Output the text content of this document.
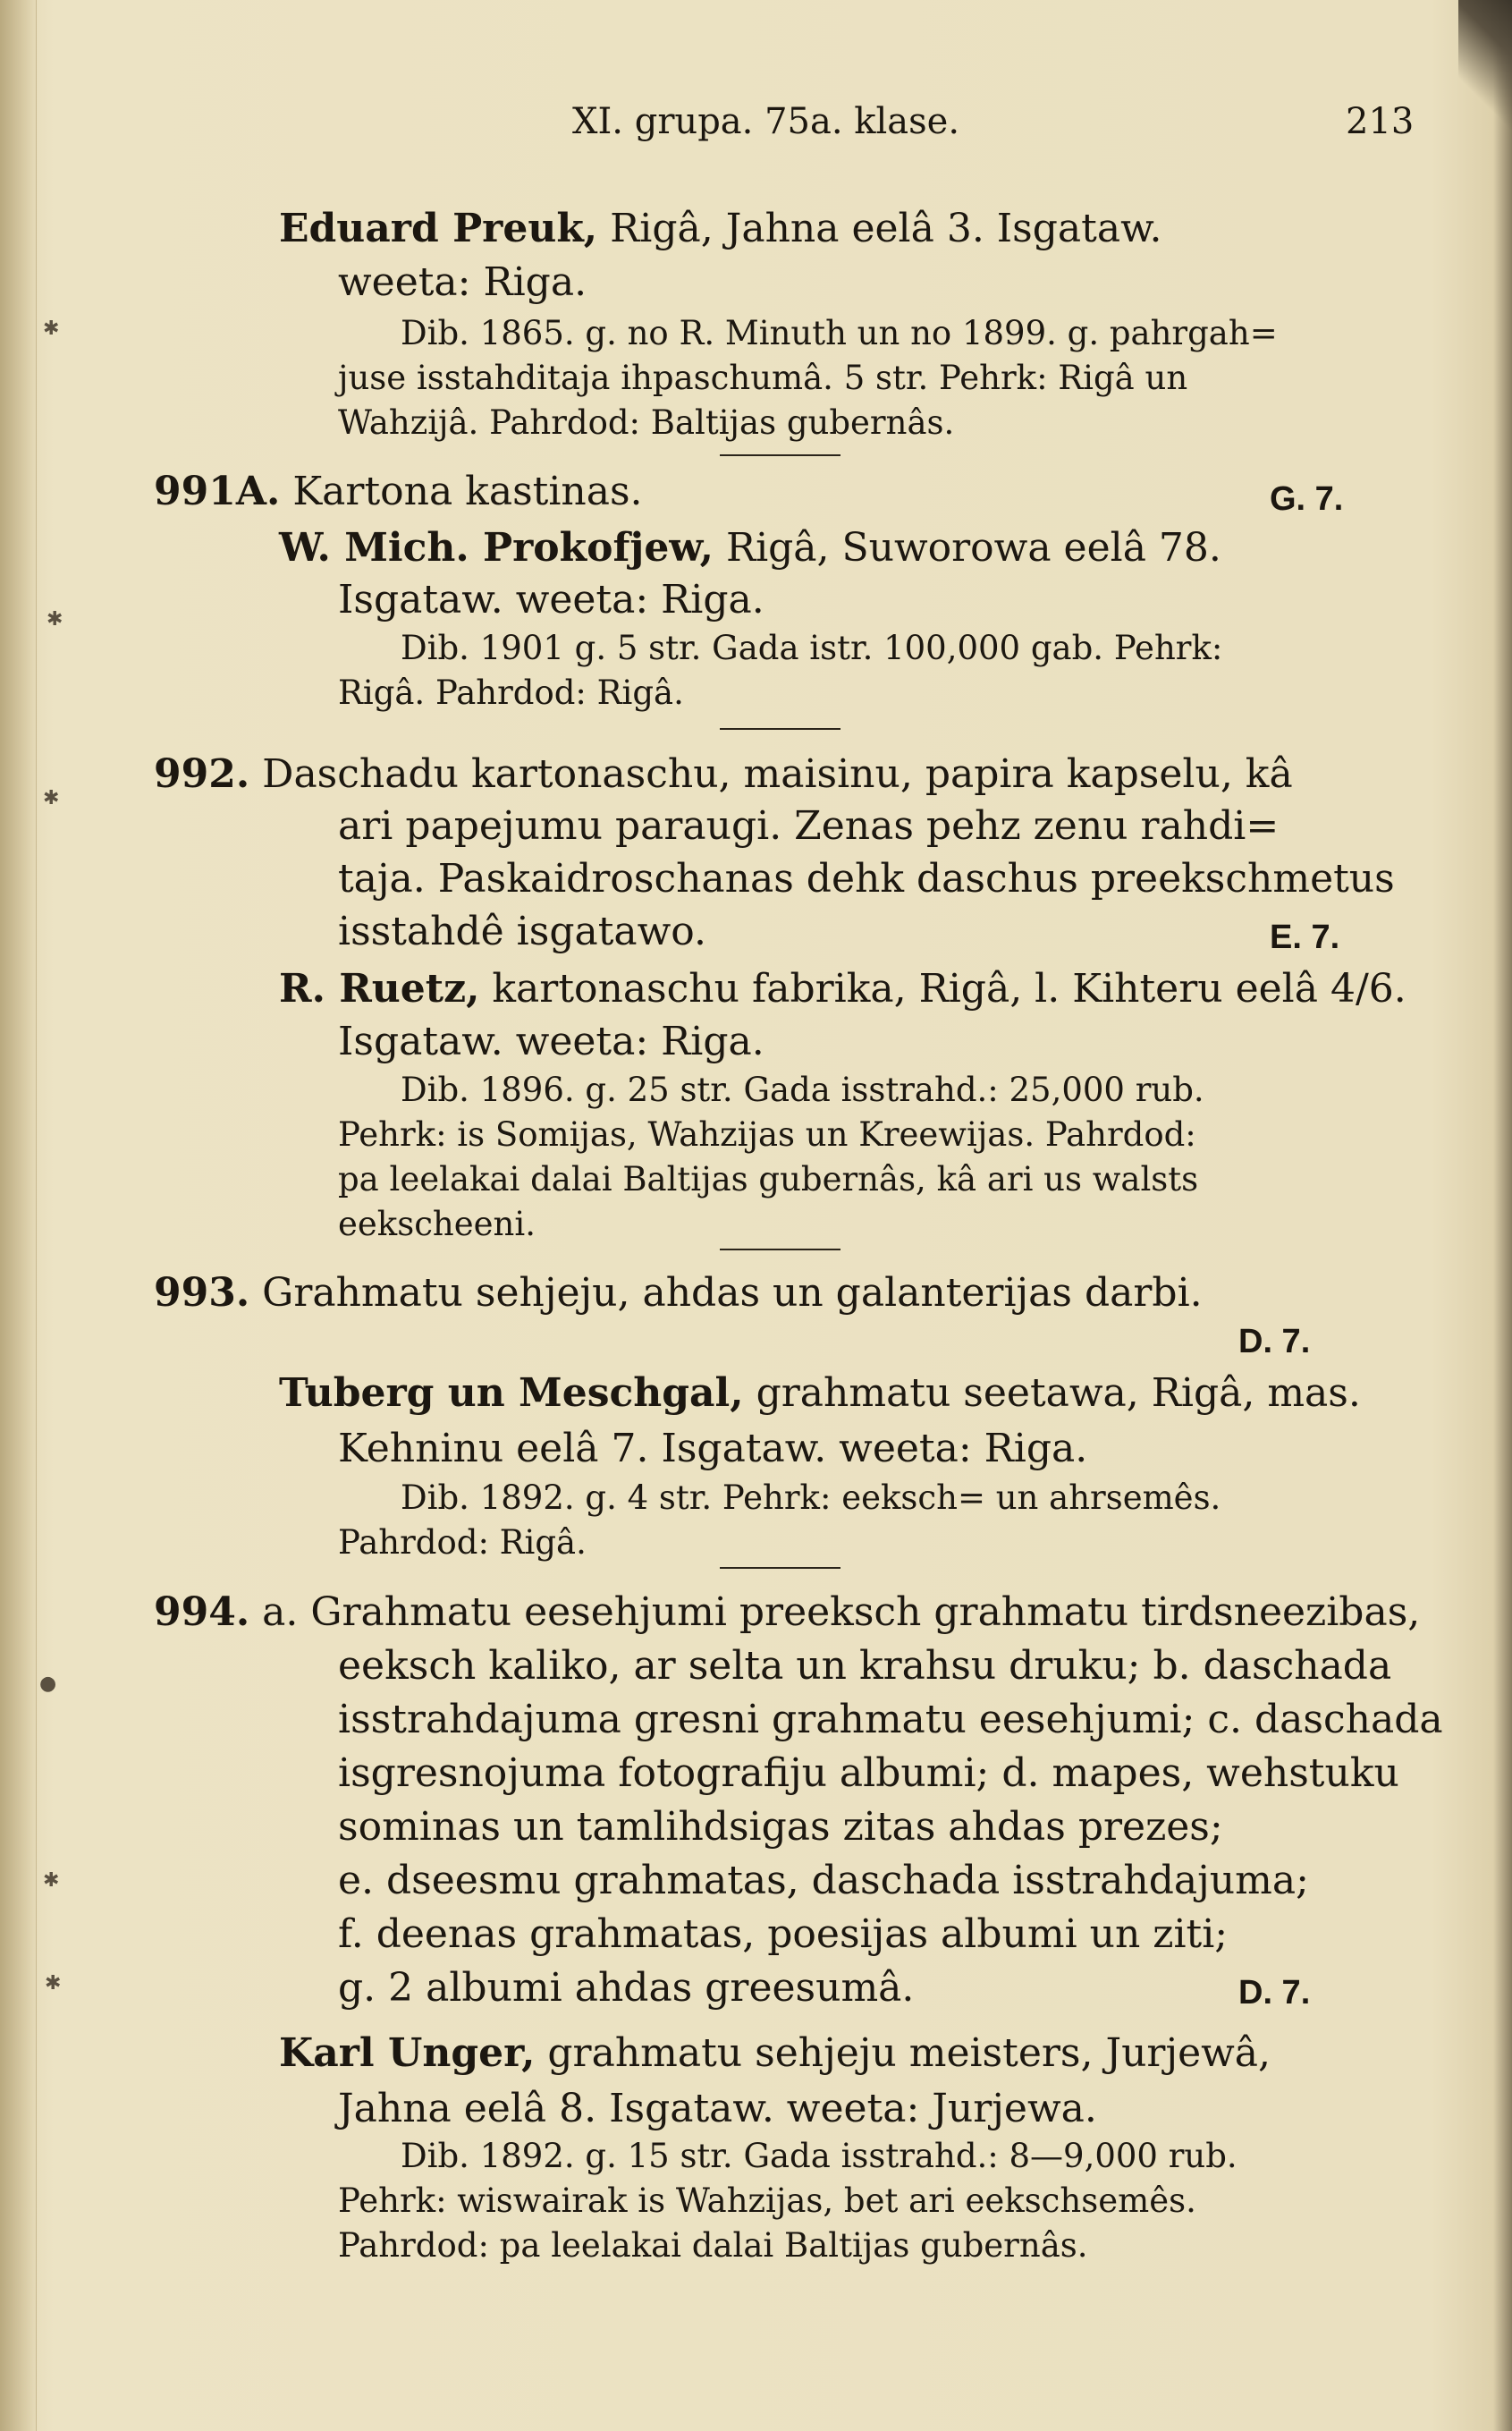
✱
✱
✱
●
✱
✱
XI. grupa. 75a. klase.	213
Eduard Preuk, Rigâ, Jahna eelâ 3. Isgataw.
weeta: Riga.
Dib. 1865. g. no R. Minuth un no 1899. g. pahrgah=
juse isstahditaja ihpaschumâ. 5 str. Pehrk: Rigâ un
Wahzijâ. Pahrdod: Baltijas gubernâs.
991A. Kartona kastinas.	G. 7.
W. Mich. Prokofjew, Rigâ, Suworowa eelâ 78.
Isgataw. weeta: Riga.
Dib. 1901 g. 5 str. Gada istr. 100,000 gab. Pehrk:
Rigâ. Pahrdod: Rigâ.
992. Daschadu kartonaschu, maisinu, papira kapselu, kâ
ari papejumu paraugi. Zenas pehz zenu rahdi=
taja. Paskaidroschanas dehk daschus preekschmetus
isstahdê isgatawo.	E. 7.
R. Ruetz, kartonaschu fabrika, Rigâ, l. Kihteru eelâ 4/6.
Isgataw. weeta: Riga.
Dib. 1896. g. 25 str. Gada isstrahd.: 25,000 rub.
Pehrk: is Somijas, Wahzijas un Kreewijas. Pahrdod:
pa leelakai dalai Baltijas gubernâs, kâ ari us walsts
eekscheeni.
993. Grahmatu sehjeju, ahdas un galanterijas darbi.
D. 7.
Tuberg un Meschgal, grahmatu seetawa, Rigâ, mas.
Kehninu eelâ 7. Isgataw. weeta: Riga.
Dib. 1892. g. 4 str. Pehrk: eeksch= un ahrsemês.
Pahrdod: Rigâ.
994. a. Grahmatu eesehjumi preeksch grahmatu tirdsneezibas,
eeksch kaliko, ar selta un krahsu druku; b. daschada
isstrahdajuma gresni grahmatu eesehjumi; c. daschada
isgresnojuma fotografiju albumi; d. mapes, wehstuku
sominas un tamlihdsigas zitas ahdas prezes;
e. dseesmu grahmatas, daschada isstrahdajuma;
f. deenas grahmatas, poesijas albumi un ziti;
g. 2 albumi ahdas greesumâ.	D. 7.
Karl Unger, grahmatu sehjeju meisters, Jurjewâ,
Jahna eelâ 8. Isgataw. weeta: Jurjewa.
Dib. 1892. g. 15 str. Gada isstrahd.: 8—9,000 rub.
Pehrk: wiswairak is Wahzijas, bet ari eekschsemês.
Pahrdod: pa leelakai dalai Baltijas gubernâs.
